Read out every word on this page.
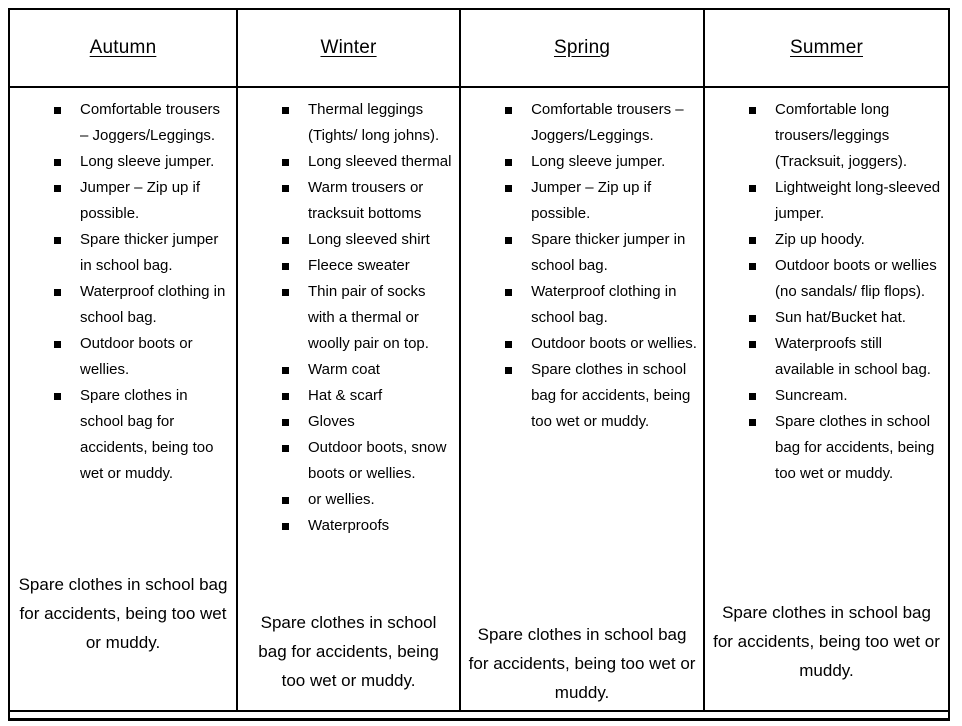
Autumn
Comfortable trousers – Joggers/Leggings.
Long sleeve jumper.
Jumper – Zip up if possible.
Spare thicker jumper in school bag.
Waterproof clothing in school bag.
Outdoor boots or wellies.
Spare clothes in school bag for accidents, being too wet or muddy.
Spare clothes in school bag for accidents, being too wet or muddy.
Winter
Thermal leggings (Tights/ long johns).
Long sleeved thermal
Warm trousers or tracksuit bottoms
Long sleeved shirt
Fleece sweater
Thin pair of socks with a thermal or woolly pair on top.
Warm coat
Hat & scarf
Gloves
Outdoor boots, snow boots or wellies.
or wellies.
Waterproofs
Spare clothes in school bag for accidents, being too wet or muddy.
Spring
Comfortable trousers – Joggers/Leggings.
Long sleeve jumper.
Jumper – Zip up if possible.
Spare thicker jumper in school bag.
Waterproof clothing in school bag.
Outdoor boots or wellies.
Spare clothes in school bag for accidents, being too wet or muddy.
Spare clothes in school bag for accidents, being too wet or muddy.
Summer
Comfortable long trousers/leggings (Tracksuit, joggers).
Lightweight long-sleeved jumper.
Zip up hoody.
Outdoor boots or wellies (no sandals/ flip flops).
Sun hat/Bucket hat.
Waterproofs still available in school bag.
Suncream.
Spare clothes in school bag for accidents, being too wet or muddy.
Spare clothes in school bag for accidents, being too wet or muddy.
